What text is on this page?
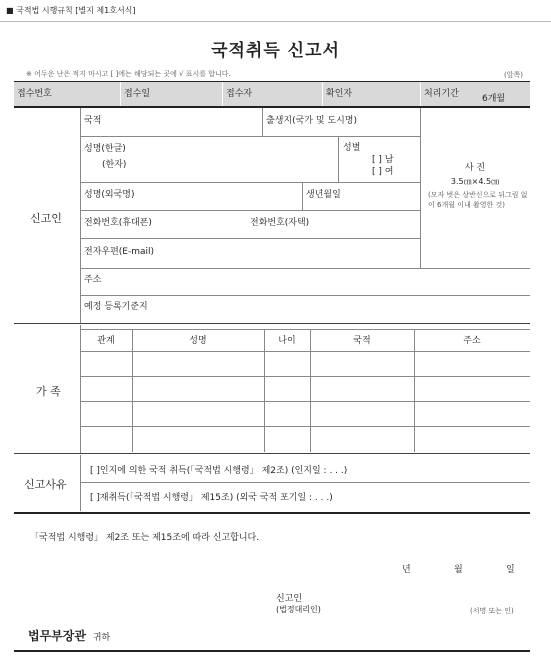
■ 국적법 시행규칙 [별지 제1호서식]
국적취득 신고서
※ 어두운 난은 적지 마시고 [ ]에는 해당되는 곳에 √ 표시를 합니다.	(앞쪽)
접수번호	접수일	접수자	확인자	처리기간	6개월
신고인
국적	출생지(국가 및 도시명)
성명(한글)
(한자)
성별
[ ] 남
[ ] 여
성명(외국명)	생년월일
전화번호(휴대폰)	전화번호(자택)
전자우편(E-mail)
사 진
3.5㎝×4.5㎝
(모자 벗은 상반신으로 뒤그림 없이 6개월 이내 촬영한 것)
주소
예정 등록기준지
가 족
관계	성명	나이	국적	주소
신고사유
[ ]인지에 의한 국적 취득(「국적법 시행령」 제2조) (인지일 : . . .)
[ ]재취득(「국적법 시행령」 제15조) (외국 국적 포기일 : . . .)
「국적법 시행령」 제2조 또는 제15조에 따라 신고합니다.
년	월	일
신고인
(법정대리인)	(서명 또는 인)
법무부장관 귀하
